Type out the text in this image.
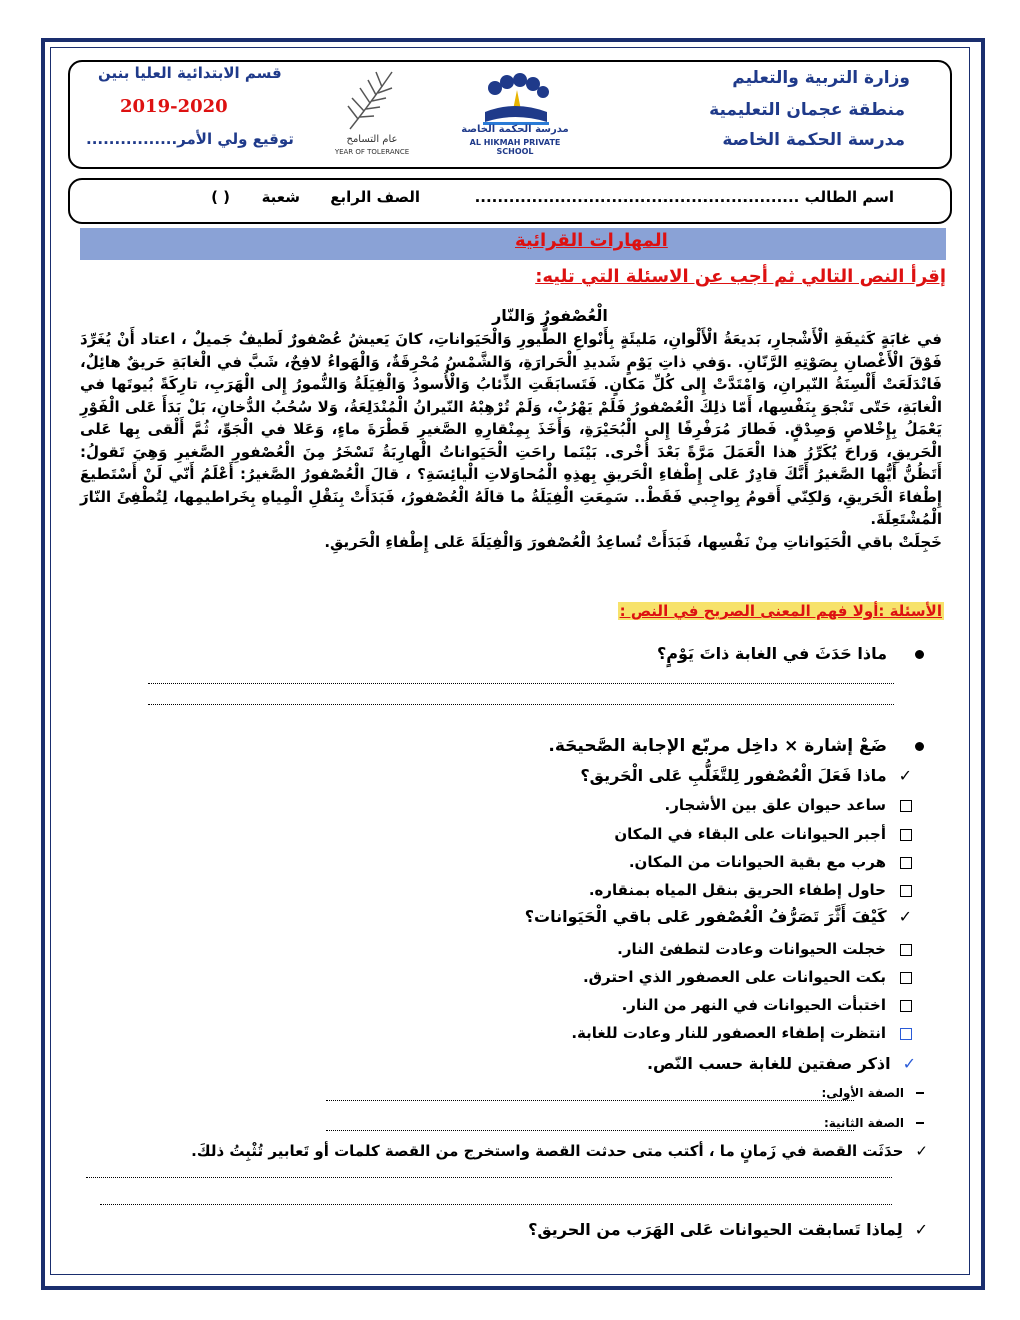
وزارة التربية والتعليم
منطقة عجمان التعليمية
مدرسة الحكمة الخاصة
قسم الابتدائية العليا بنين
2019-2020
توقيع ولي الأمر................
مدرسة الحكمة الخاصة
AL HIKMAH PRIVATE SCHOOL
عام التسامح
YEAR OF TOLERANCE
اسم الطالب .........................................................
الصف الرابع
شعبة
( )
المهارات القرائية
إقرأ النص التالي ثم أجب عن الاسئلة التي تليه:
الْعُصْفورُ وَالنّار

في غابَةٍ كَثيفَةِ الْأَشْجارِ، بَديعَةُ الْأَلْوانِ، مَليئَةٍ بِأَنْواعِ الطُّيورِ وَالْحَيَواناتِ، كانَ يَعيشُ عُصْفورٌ لَطيفٌ جَميلٌ ، اعتاد أَنْ يُغَرِّدَ فَوْقَ الْأَغْصانِ بِصَوْتِهِ الرَّنّانِ. .وَفي ذاتِ يَوْمٍ شَديدِ الْحَرارَةِ، وَالشَّمْسُ مُحْرِقَةٌ، وَالْهَواءُ لافِحٌ، شَبَّ في الْغابَةِ حَريقٌ هائِلٌ، فَانْدَلَعَتْ أَلْسِنَةُ النّيرانِ، وَامْتَدَّتْ إِلى كُلِّ مَكانٍ. فَتَسابَقَتِ الذِّئابُ وَالْأُسودُ وَالْفِيَلَةُ وَالنُّمورُ إِلى الْهَرَبِ، تارِكَةً بُيوتَها في الْغابَةِ، حَتّى تَنْجوَ بِنَفْسِها، أَمّا ذلِكَ الْعُصْفورُ فَلَمْ يَهْرُبْ، وَلَمْ تُرْهِبْهُ النّيرانُ الْمُنْدَلِعَةُ، وَلا سُحُبُ الدُّخانِ، بَلْ بَدَأَ عَلى الْفَوْرِ يَعْمَلُ بِإِخْلاصٍ وَصِدْقٍ. فَطارَ مُرَفْرِفًا إِلى الْبُحَيْرَةِ، وَأَخَذَ بِمِنْقارِهِ الصَّغيرِ قَطْرَةَ ماءٍ، وَعَلا في الْجَوِّ، ثُمَّ أَلْقى بِها عَلى الْحَريقِ، وَراحَ يُكَرِّرُ هذا الْعَمَلَ مَرَّةً بَعْدَ أُخْرى. بَيْنَما راحَتِ الْحَيَواناتُ الْهارِبَةُ تَسْخَرُ مِنَ الْعُصْفورِ الصَّغيرِ وَهِيَ تَقولُ: أَتَظُنُّ أَيُّها الصَّغيرُ أَنَّكَ قادِرٌ عَلى إِطْفاءِ الْحَريقِ بِهذِهِ الْمُحاوَلاتِ الْيائِسَةِ؟ ، قالَ الْعُصْفورُ الصَّغيرُ: أَعْلَمُ أَنّي لَنْ أَسْتَطيعَ إِطْفاءَ الْحَريقِ، وَلكِنّي أَقومُ بِواجِبي فَقَطْ.. سَمِعَتِ الْفِيَلَةُ ما قالَهُ الْعُصْفورُ، فَبَدَأَتْ بِنَقْلِ الْمِياهِ بِخَراطيمِها، لِتُطْفِئَ النّارَ الْمُشْتَعِلَةَ.

خَجِلَتْ باقي الْحَيَواناتِ مِنْ نَفْسِها، فَبَدَأَتْ تُساعِدُ الْعُصْفورَ وَالْفِيَلَةَ عَلى إِطْفاءِ الْحَريقِ.

الأسئلة :أولا فهم المعنى الصريح في النص :
ماذا حَدَثَ في الغابة ذاتَ يَوْمٍ؟
ضَعْ إشارة × داخِل مربّع الإجابة الصَّحيحَة.
✓ماذا فَعَلَ الْعُصْفور لِلتَّغَلُّبِ عَلى الْحَريق؟
ساعد حيوان علق بين الأشجار.
أجبر الحيوانات على البقاء في المكان
هرب مع بقية الحيوانات من المكان.
حاول إطفاء الحريق بنقل المياه بمنقاره.
✓كَيْفَ أَثَّرَ تَصَرُّفُ الْعُصْفور عَلى باقي الْحَيَوانات؟
خجلت الحيوانات وعادت لتطفئ النار.
بكت الحيوانات على العصفور الذي احترق.
اختبأت الحيوانات في النهر من النار.
انتظرت إطفاء العصفور للنار وعادت للغابة.
✓اذكر صفتين للغابة حسب النّص.
الصفة الأولى:
الصفة الثانية:
✓حدَثَت القصة في زَمانٍ ما ، أكتب متى حدثت القصة واستخرج من القصة كلمات أو تَعابير تُثْبِتُ ذلكَ.
✓لِماذا تَسابقت الحيوانات عَلى الهَرَب من الحريق؟
